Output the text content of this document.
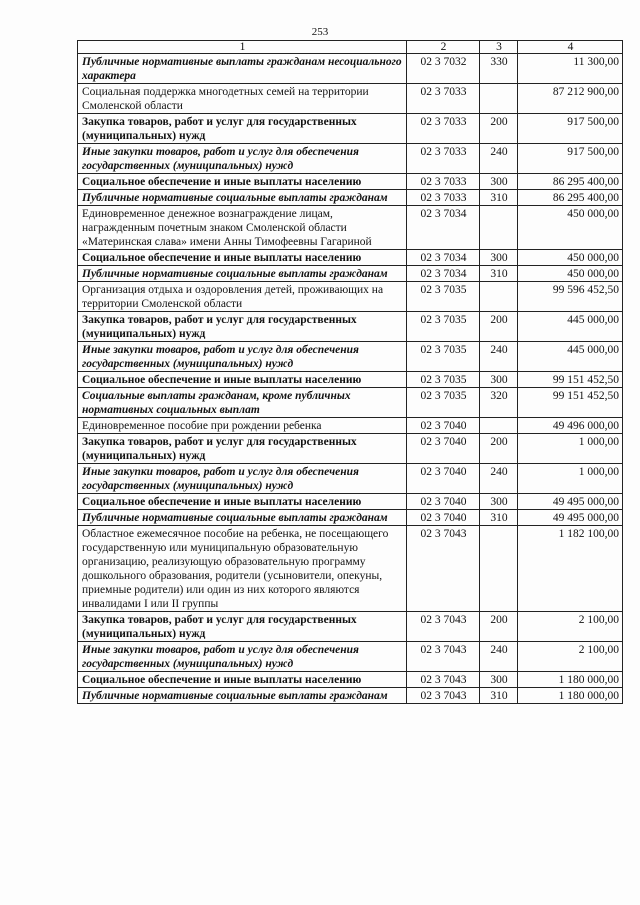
253
1	2	3	4
Публичные нормативные выплаты гражданам несоциального характера	02 3 7032	330	11 300,00
Социальная поддержка многодетных семей на территории Смоленской области	02 3 7033		87 212 900,00
Закупка товаров, работ и услуг для государственных (муниципальных) нужд	02 3 7033	200	917 500,00
Иные закупки товаров, работ и услуг для обеспечения государственных (муниципальных) нужд	02 3 7033	240	917 500,00
Социальное обеспечение и иные выплаты населению	02 3 7033	300	86 295 400,00
Публичные нормативные социальные выплаты гражданам	02 3 7033	310	86 295 400,00
Единовременное денежное вознаграждение лицам, награжденным почетным знаком Смоленской области «Материнская слава» имени Анны Тимофеевны Гагариной	02 3 7034		450 000,00
Социальное обеспечение и иные выплаты населению	02 3 7034	300	450 000,00
Публичные нормативные социальные выплаты гражданам	02 3 7034	310	450 000,00
Организация отдыха и оздоровления детей, проживающих на территории Смоленской области	02 3 7035		99 596 452,50
Закупка товаров, работ и услуг для государственных (муниципальных) нужд	02 3 7035	200	445 000,00
Иные закупки товаров, работ и услуг для обеспечения государственных (муниципальных) нужд	02 3 7035	240	445 000,00
Социальное обеспечение и иные выплаты населению	02 3 7035	300	99 151 452,50
Социальные выплаты гражданам, кроме публичных нормативных социальных выплат	02 3 7035	320	99 151 452,50
Единовременное пособие при рождении ребенка	02 3 7040		49 496 000,00
Закупка товаров, работ и услуг для государственных (муниципальных) нужд	02 3 7040	200	1 000,00
Иные закупки товаров, работ и услуг для обеспечения государственных (муниципальных) нужд	02 3 7040	240	1 000,00
Социальное обеспечение и иные выплаты населению	02 3 7040	300	49 495 000,00
Публичные нормативные социальные выплаты гражданам	02 3 7040	310	49 495 000,00
Областное ежемесячное пособие на ребенка, не посещающего государственную или муниципальную образовательную организацию, реализующую образовательную программу дошкольного образования, родители (усыновители, опекуны, приемные родители) или один из них которого являются инвалидами I или II группы	02 3 7043		1 182 100,00
Закупка товаров, работ и услуг для государственных (муниципальных) нужд	02 3 7043	200	2 100,00
Иные закупки товаров, работ и услуг для обеспечения государственных (муниципальных) нужд	02 3 7043	240	2 100,00
Социальное обеспечение и иные выплаты населению	02 3 7043	300	1 180 000,00
Публичные нормативные социальные выплаты гражданам	02 3 7043	310	1 180 000,00
